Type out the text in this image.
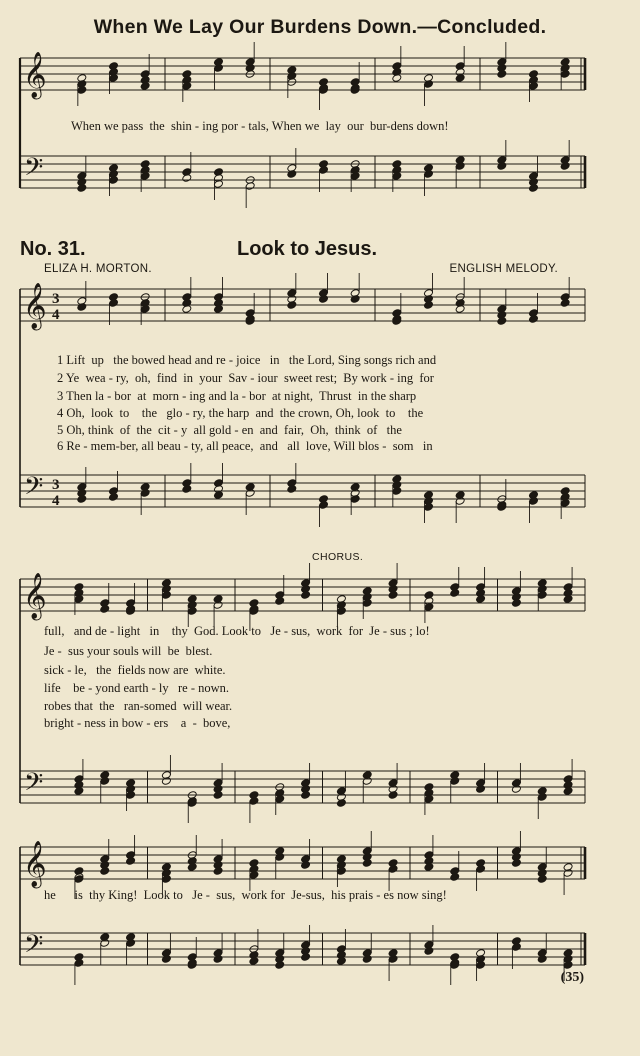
When We Lay Our Burdens Down.—Concluded.
No. 31.	Look to Jesus.
ELIZA H. MORTON.	ENGLISH MELODY.
CHORUS.
𝄞
𝄢
𝄞
𝄢
𝄞
𝄢
𝄞
𝄢
3
4
3
4
When we pass  the  shin - ing por - tals, When we  lay  our  bur-dens down!
1 Lift  up   the bowed head and re - joice   in   the Lord, Sing songs rich and
2 Ye  wea - ry,  oh,  find  in  your  Sav - iour  sweet rest;  By work - ing  for
3 Then la - bor  at  morn - ing and la - bor  at night,  Thrust  in the sharp
4 Oh,  look  to    the   glo - ry, the harp  and  the crown, Oh, look  to    the
5 Oh, think  of  the  cit - y  all gold - en  and  fair,  Oh,  think  of   the
6 Re - mem-ber, all beau - ty, all peace,  and   all  love, Will blos -  som   in
full,   and de - light   in    thy  God. Look to   Je - sus,  work  for  Je - sus ; lo!
Je -  sus your souls will  be  blest.
sick - le,   the  fields now are  white.
life    be - yond earth - ly   re - nown.
robes that  the   ran-somed  will wear.
bright - ness in bow - ers    a  -  bove,
he      is  thy King!  Look to   Je -  sus,  work for  Je-sus,  his prais - es now sing!
(35)
